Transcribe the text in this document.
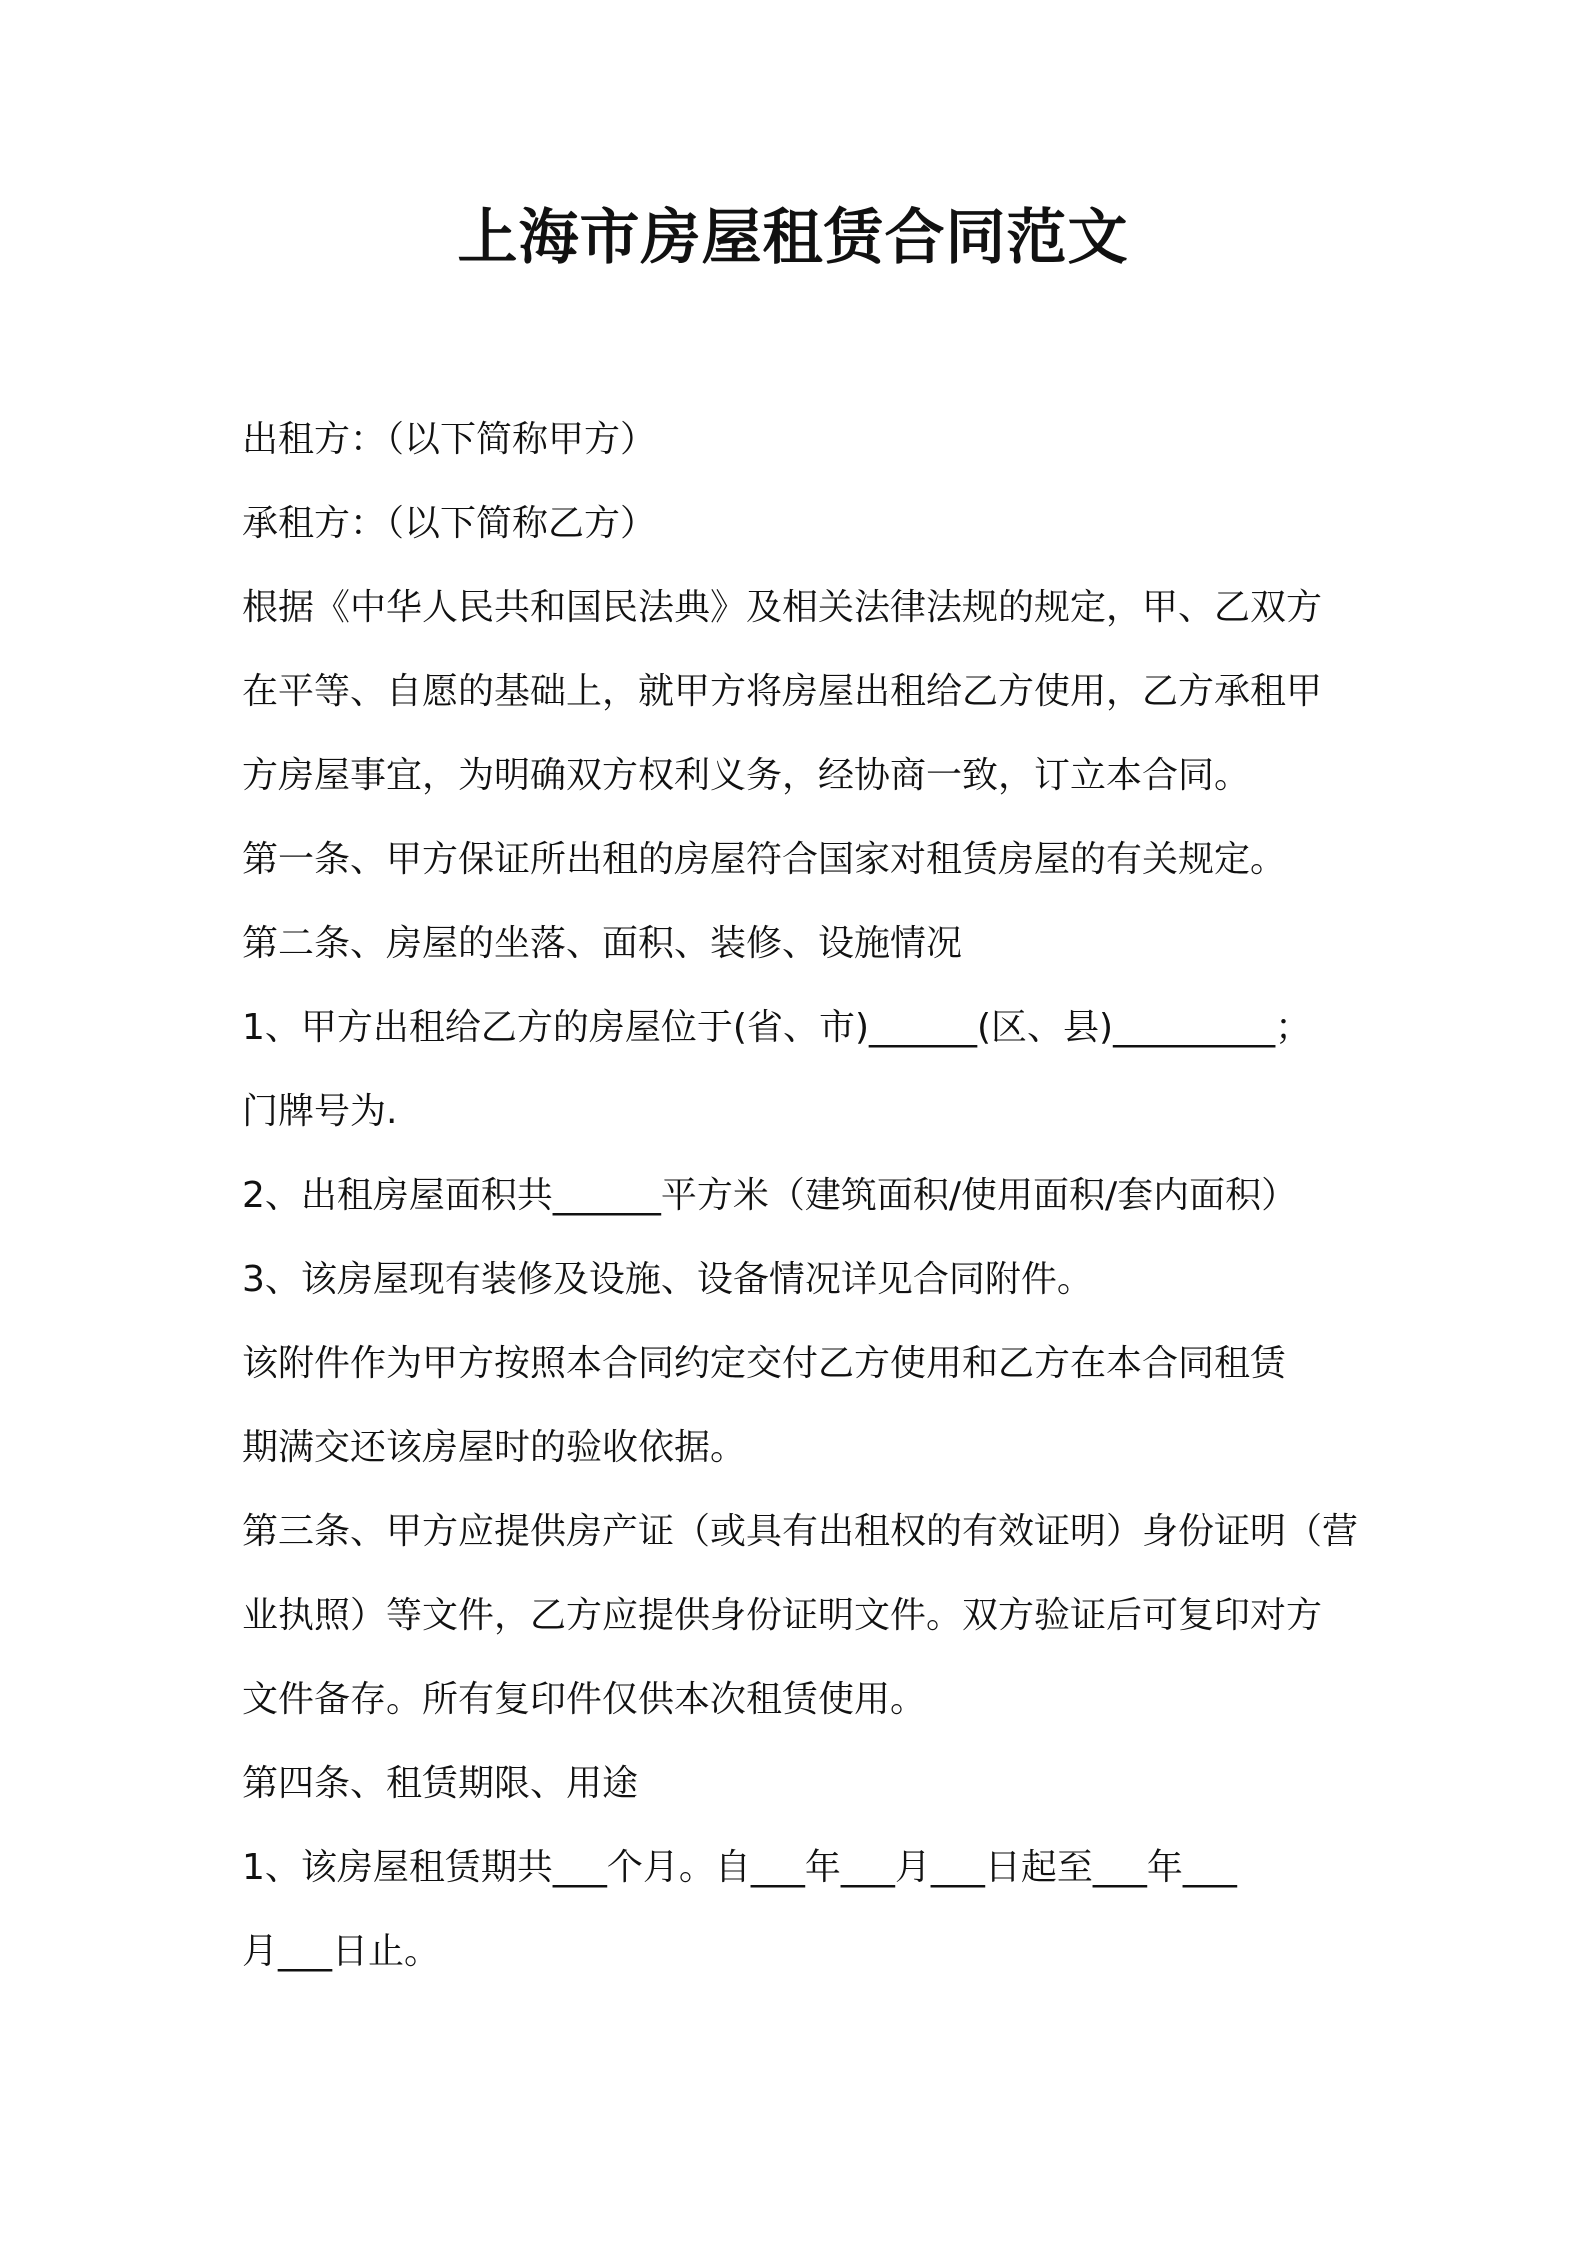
上海市房屋租赁合同范文
出租方：（以下简称甲方）
承租方：（以下简称乙方）
根据《中华人民共和国民法典》及相关法律法规的规定，甲、乙双方
在平等、自愿的基础上，就甲方将房屋出租给乙方使用，乙方承租甲
方房屋事宜，为明确双方权利义务，经协商一致，订立本合同。
第一条、甲方保证所出租的房屋符合国家对租赁房屋的有关规定。
第二条、房屋的坐落、面积、装修、设施情况
1、甲方出租给乙方的房屋位于(省、市)______(区、县)_________；
门牌号为.
2、出租房屋面积共______平方米（建筑面积/使用面积/套内面积）
3、该房屋现有装修及设施、设备情况详见合同附件。
该附件作为甲方按照本合同约定交付乙方使用和乙方在本合同租赁
期满交还该房屋时的验收依据。
第三条、甲方应提供房产证（或具有出租权的有效证明）身份证明（营
业执照）等文件，乙方应提供身份证明文件。双方验证后可复印对方
文件备存。所有复印件仅供本次租赁使用。
第四条、租赁期限、用途
1、该房屋租赁期共___个月。自___年___月___日起至___年___
月___日止。
